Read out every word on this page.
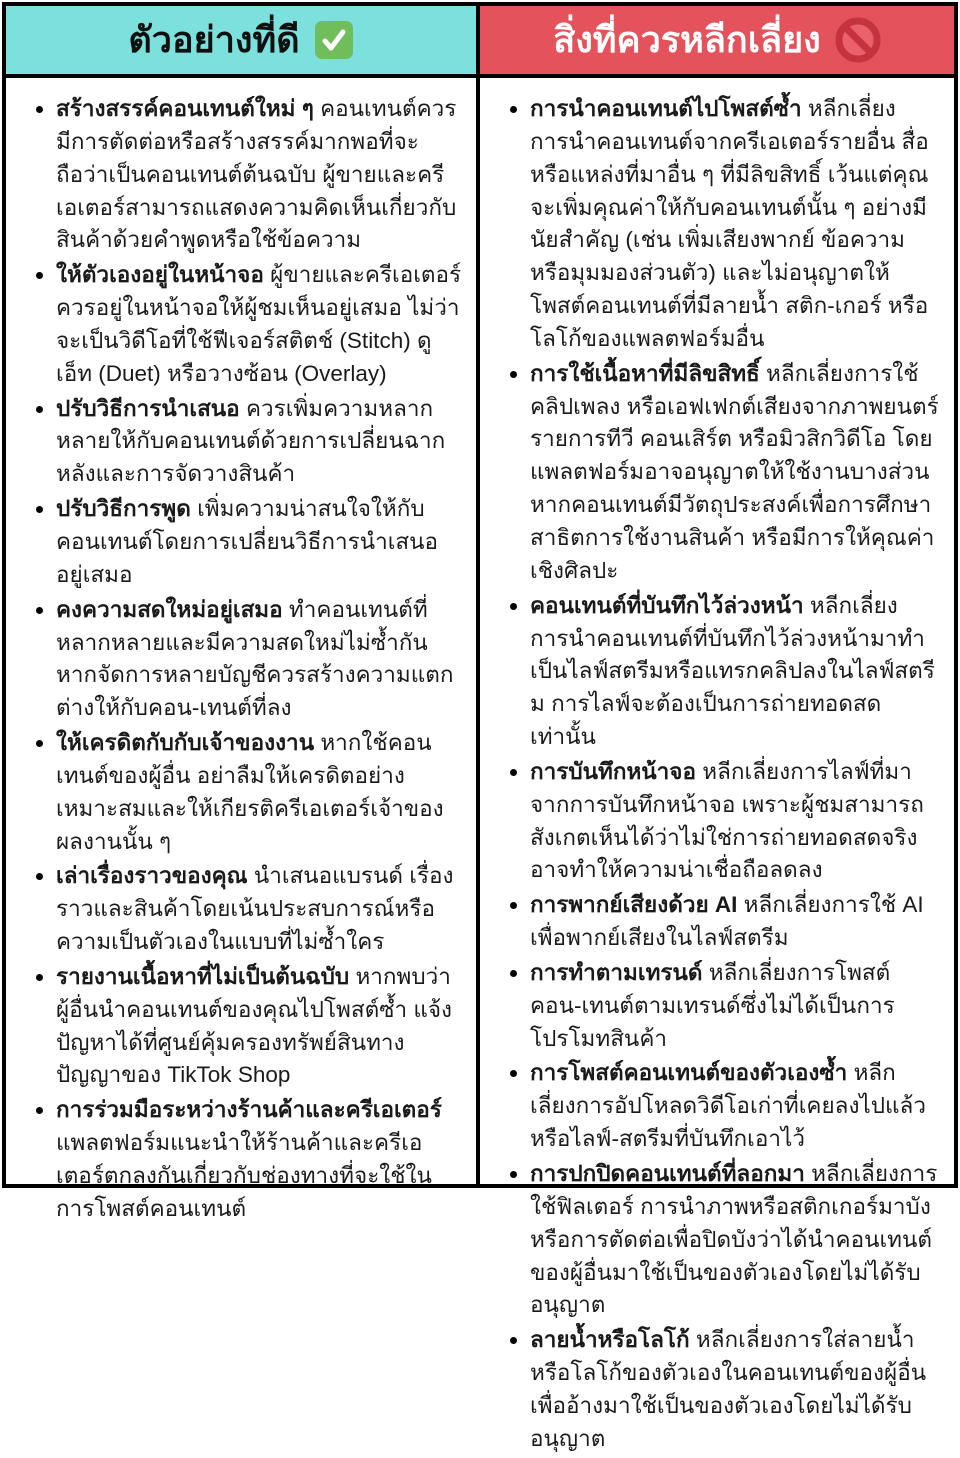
ตัวอย่างที่ดี
• สร้างสรรค์คอนเทนต์ใหม่ ๆ คอนเทนต์ควรมีการตัดต่อหรือสร้างสรรค์มากพอที่จะถือว่าเป็นคอนเทนต์ต้นฉบับ ผู้ขายและครีเอเตอร์สามารถแสดงความคิดเห็นเกี่ยวกับสินค้าด้วยคำพูดหรือใช้ข้อความ
• ให้ตัวเองอยู่ในหน้าจอ ผู้ขายและครีเอเตอร์ควรอยู่ในหน้าจอให้ผู้ชมเห็นอยู่เสมอ ไม่ว่าจะเป็นวิดีโอที่ใช้ฟีเจอร์สติตช์ (Stitch) ดูเอ็ท (Duet) หรือวางซ้อน (Overlay)
• ปรับวิธีการนำเสนอ ควรเพิ่มความหลากหลายให้กับคอนเทนต์ด้วยการเปลี่ยนฉากหลังและการจัดวางสินค้า
• ปรับวิธีการพูด เพิ่มความน่าสนใจให้กับคอนเทนต์โดยการเปลี่ยนวิธีการนำเสนออยู่เสมอ
• คงความสดใหม่อยู่เสมอ ทำคอนเทนต์ที่หลากหลายและมีความสดใหม่ไม่ซ้ำกัน หากจัดการหลายบัญชีควรสร้างความแตกต่างให้กับคอน-เทนต์ที่ลง
• ให้เครดิตกับกับเจ้าของงาน หากใช้คอนเทนต์ของผู้อื่น อย่าลืมให้เครดิตอย่างเหมาะสมและให้เกียรติครีเอเตอร์เจ้าของผลงานนั้น ๆ
• เล่าเรื่องราวของคุณ นำเสนอแบรนด์ เรื่องราวและสินค้าโดยเน้นประสบการณ์หรือความเป็นตัวเองในแบบที่ไม่ซ้ำใคร
• รายงานเนื้อหาที่ไม่เป็นต้นฉบับ หากพบว่าผู้อื่นนำคอนเทนต์ของคุณไปโพสต์ซ้ำ แจ้งปัญหาได้ที่ศูนย์คุ้มครองทรัพย์สินทางปัญญาของ TikTok Shop
• การร่วมมือระหว่างร้านค้าและครีเอเตอร์ แพลตฟอร์มแนะนำให้ร้านค้าและครีเอเตอร์ตกลงกันเกี่ยวกับช่องทางที่จะใช้ในการโพสต์คอนเทนต์
สิ่งที่ควรหลีกเลี่ยง
• การนำคอนเทนต์ไปโพสต์ซ้ำ หลีกเลี่ยงการนำคอนเทนต์จากครีเอเตอร์รายอื่น สื่อ หรือแหล่งที่มาอื่น ๆ ที่มีลิขสิทธิ์ เว้นแต่คุณจะเพิ่มคุณค่าให้กับคอนเทนต์นั้น ๆ อย่างมีนัยสำคัญ (เช่น เพิ่มเสียงพากย์ ข้อความ หรือมุมมองส่วนตัว) และไม่อนุญาตให้โพสต์คอนเทนต์ที่มีลายน้ำ สติก-เกอร์ หรือโลโก้ของแพลตฟอร์มอื่น
• การใช้เนื้อหาที่มีลิขสิทธิ์ หลีกเลี่ยงการใช้คลิปเพลง หรือเอฟเฟกต์เสียงจากภาพยนตร์ รายการทีวี คอนเสิร์ต หรือมิวสิกวิดีโอ โดยแพลตฟอร์มอาจอนุญาตให้ใช้งานบางส่วนหากคอนเทนต์มีวัตถุประสงค์เพื่อการศึกษา สาธิตการใช้งานสินค้า หรือมีการให้คุณค่าเชิงศิลปะ
• คอนเทนต์ที่บันทึกไว้ล่วงหน้า หลีกเลี่ยงการนำคอนเทนต์ที่บันทึกไว้ล่วงหน้ามาทำเป็นไลฟ์สตรีมหรือแทรกคลิปลงในไลฟ์สตรีม การไลฟ์จะต้องเป็นการถ่ายทอดสดเท่านั้น
• การบันทึกหน้าจอ หลีกเลี่ยงการไลฟ์ที่มาจากการบันทึกหน้าจอ เพราะผู้ชมสามารถสังเกตเห็นได้ว่าไม่ใช่การถ่ายทอดสดจริง อาจทำให้ความน่าเชื่อถือลดลง
• การพากย์เสียงด้วย AI หลีกเลี่ยงการใช้ AI เพื่อพากย์เสียงในไลฟ์สตรีม
• การทำตามเทรนด์ หลีกเลี่ยงการโพสต์คอน-เทนต์ตามเทรนด์ซึ่งไม่ได้เป็นการโปรโมทสินค้า
• การโพสต์คอนเทนต์ของตัวเองซ้ำ หลีกเลี่ยงการอัปโหลดวิดีโอเก่าที่เคยลงไปแล้วหรือไลฟ์-สตรีมที่บันทึกเอาไว้
• การปกปิดคอนเทนต์ที่ลอกมา หลีกเลี่ยงการใช้ฟิลเตอร์ การนำภาพหรือสติกเกอร์มาบัง หรือการตัดต่อเพื่อปิดบังว่าได้นำคอนเทนต์ของผู้อื่นมาใช้เป็นของตัวเองโดยไม่ได้รับอนุญาต
• ลายน้ำหรือโลโก้ หลีกเลี่ยงการใส่ลายน้ำหรือโลโก้ของตัวเองในคอนเทนต์ของผู้อื่น เพื่ออ้างมาใช้เป็นของตัวเองโดยไม่ได้รับอนุญาต
